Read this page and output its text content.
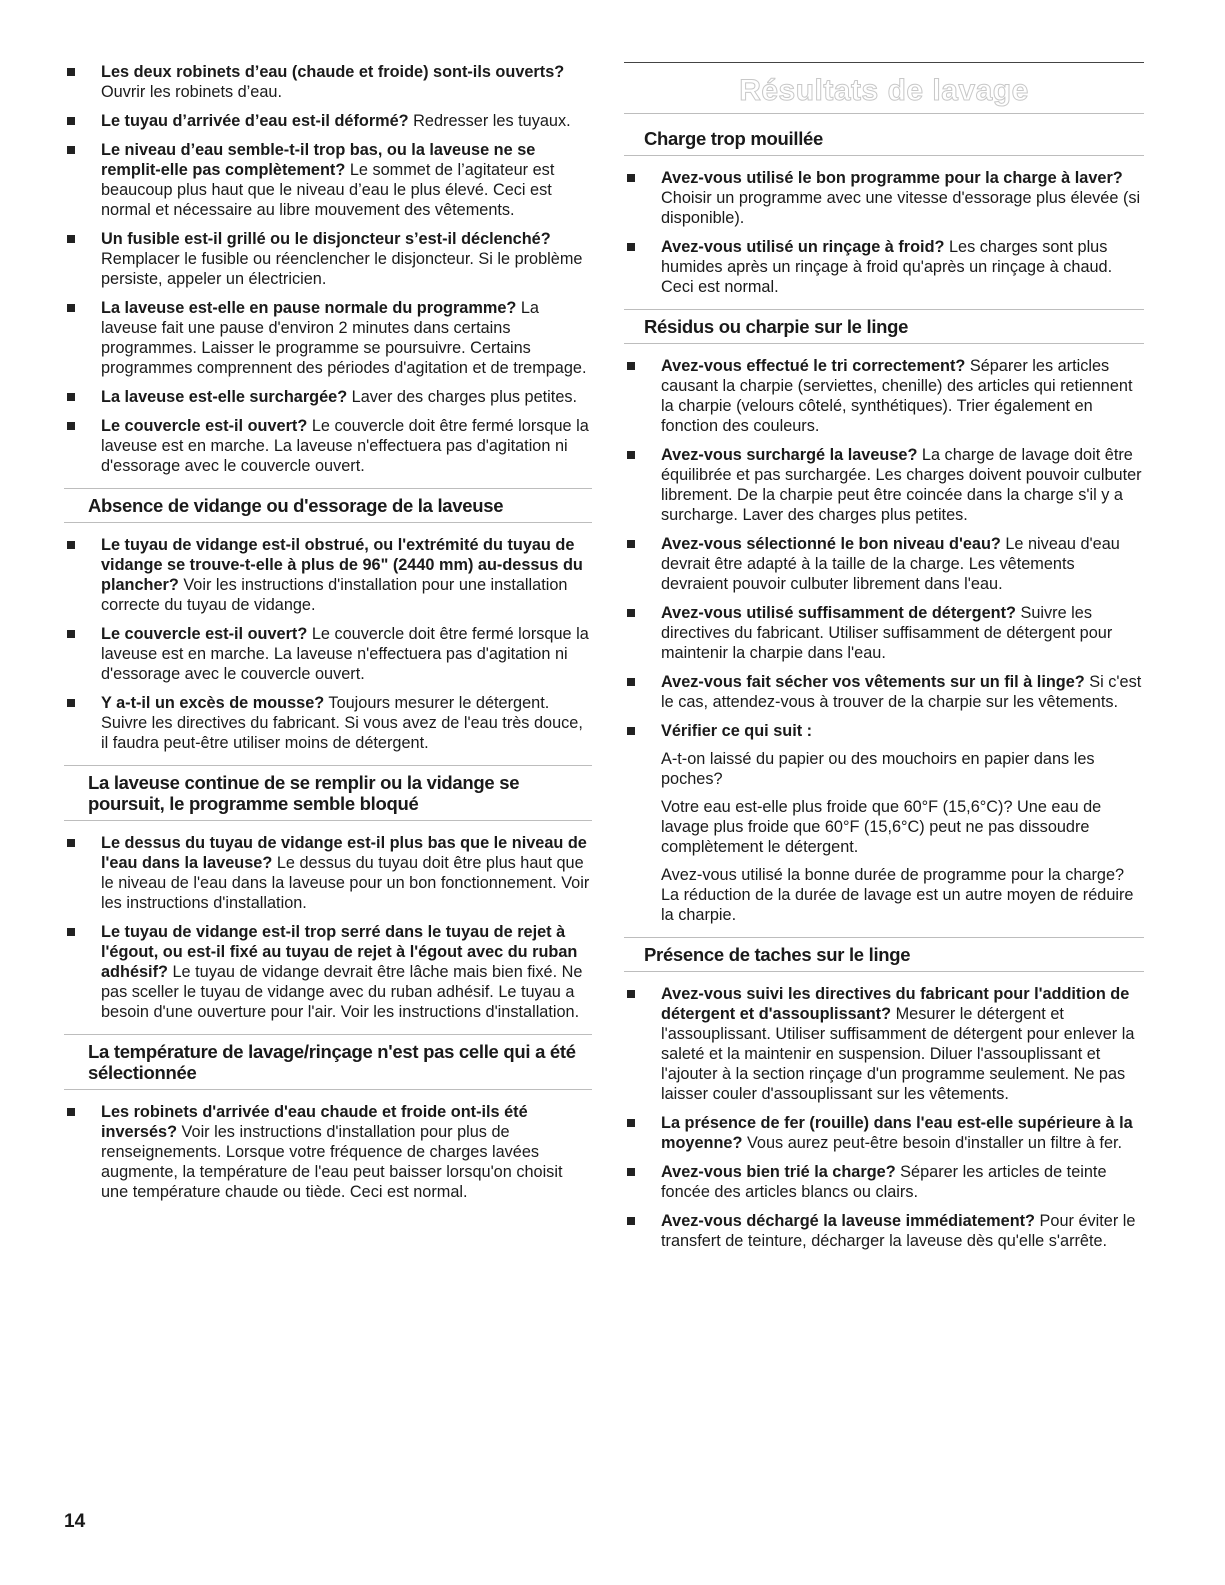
Les deux robinets d’eau (chaude et froide) sont-ils ouverts? Ouvrir les robinets d’eau.
Le tuyau d’arrivée d’eau est-il déformé? Redresser les tuyaux.
Le niveau d’eau semble-t-il trop bas, ou la laveuse ne se remplit-elle pas complètement? Le sommet de l’agitateur est beaucoup plus haut que le niveau d’eau le plus élevé. Ceci est normal et nécessaire au libre mouvement des vêtements.
Un fusible est-il grillé ou le disjoncteur s’est-il déclenché? Remplacer le fusible ou réenclencher le disjoncteur. Si le problème persiste, appeler un électricien.
La laveuse est-elle en pause normale du programme? La laveuse fait une pause d'environ 2 minutes dans certains programmes. Laisser le programme se poursuivre. Certains programmes comprennent des périodes d'agitation et de trempage.
La laveuse est-elle surchargée? Laver des charges plus petites.
Le couvercle est-il ouvert? Le couvercle doit être fermé lorsque la laveuse est en marche. La laveuse n'effectuera pas d'agitation ni d'essorage avec le couvercle ouvert.
Absence de vidange ou d'essorage de la laveuse
Le tuyau de vidange est-il obstrué, ou l'extrémité du tuyau de vidange se trouve-t-elle à plus de 96" (2440 mm) au-dessus du plancher? Voir les instructions d'installation pour une installation correcte du tuyau de vidange.
Le couvercle est-il ouvert? Le couvercle doit être fermé lorsque la laveuse est en marche. La laveuse n'effectuera pas d'agitation ni d'essorage avec le couvercle ouvert.
Y a-t-il un excès de mousse? Toujours mesurer le détergent. Suivre les directives du fabricant. Si vous avez de l'eau très douce, il faudra peut-être utiliser moins de détergent.
La laveuse continue de se remplir ou la vidange se poursuit, le programme semble bloqué
Le dessus du tuyau de vidange est-il plus bas que le niveau de l'eau dans la laveuse? Le dessus du tuyau doit être plus haut que le niveau de l'eau dans la laveuse pour un bon fonctionnement. Voir les instructions d'installation.
Le tuyau de vidange est-il trop serré dans le tuyau de rejet à l'égout, ou est-il fixé au tuyau de rejet à l'égout avec du ruban adhésif? Le tuyau de vidange devrait être lâche mais bien fixé. Ne pas sceller le tuyau de vidange avec du ruban adhésif. Le tuyau a besoin d'une ouverture pour l'air. Voir les instructions d'installation.
La température de lavage/rinçage n'est pas celle qui a été sélectionnée
Les robinets d'arrivée d'eau chaude et froide ont-ils été inversés? Voir les instructions d'installation pour plus de renseignements. Lorsque votre fréquence de charges lavées augmente, la température de l'eau peut baisser lorsqu'on choisit une température chaude ou tiède. Ceci est normal.
Résultats de lavage
Charge trop mouillée
Avez-vous utilisé le bon programme pour la charge à laver? Choisir un programme avec une vitesse d'essorage plus élevée (si disponible).
Avez-vous utilisé un rinçage à froid? Les charges sont plus humides après un rinçage à froid qu'après un rinçage à chaud. Ceci est normal.
Résidus ou charpie sur le linge
Avez-vous effectué le tri correctement? Séparer les articles causant la charpie (serviettes, chenille) des articles qui retiennent la charpie (velours côtelé, synthétiques). Trier également en fonction des couleurs.
Avez-vous surchargé la laveuse? La charge de lavage doit être équilibrée et pas surchargée. Les charges doivent pouvoir culbuter librement. De la charpie peut être coincée dans la charge s'il y a surcharge. Laver des charges plus petites.
Avez-vous sélectionné le bon niveau d'eau? Le niveau d'eau devrait être adapté à la taille de la charge. Les vêtements devraient pouvoir culbuter librement dans l'eau.
Avez-vous utilisé suffisamment de détergent? Suivre les directives du fabricant. Utiliser suffisamment de détergent pour maintenir la charpie dans l'eau.
Avez-vous fait sécher vos vêtements sur un fil à linge? Si c'est le cas, attendez-vous à trouver de la charpie sur les vêtements.
Vérifier ce qui suit :

A-t-on laissé du papier ou des mouchoirs en papier dans les poches?

Votre eau est-elle plus froide que 60°F (15,6°C)? Une eau de lavage plus froide que 60°F (15,6°C) peut ne pas dissoudre complètement le détergent.

Avez-vous utilisé la bonne durée de programme pour la charge? La réduction de la durée de lavage est un autre moyen de réduire la charpie.

Présence de taches sur le linge
Avez-vous suivi les directives du fabricant pour l'addition de détergent et d'assouplissant? Mesurer le détergent et l'assouplissant. Utiliser suffisamment de détergent pour enlever la saleté et la maintenir en suspension. Diluer l'assouplissant et l'ajouter à la section rinçage d'un programme seulement. Ne pas laisser couler d'assouplissant sur les vêtements.
La présence de fer (rouille) dans l'eau est-elle supérieure à la moyenne? Vous aurez peut-être besoin d'installer un filtre à fer.
Avez-vous bien trié la charge? Séparer les articles de teinte foncée des articles blancs ou clairs.
Avez-vous déchargé la laveuse immédiatement? Pour éviter le transfert de teinture, décharger la laveuse dès qu'elle s'arrête.
14
